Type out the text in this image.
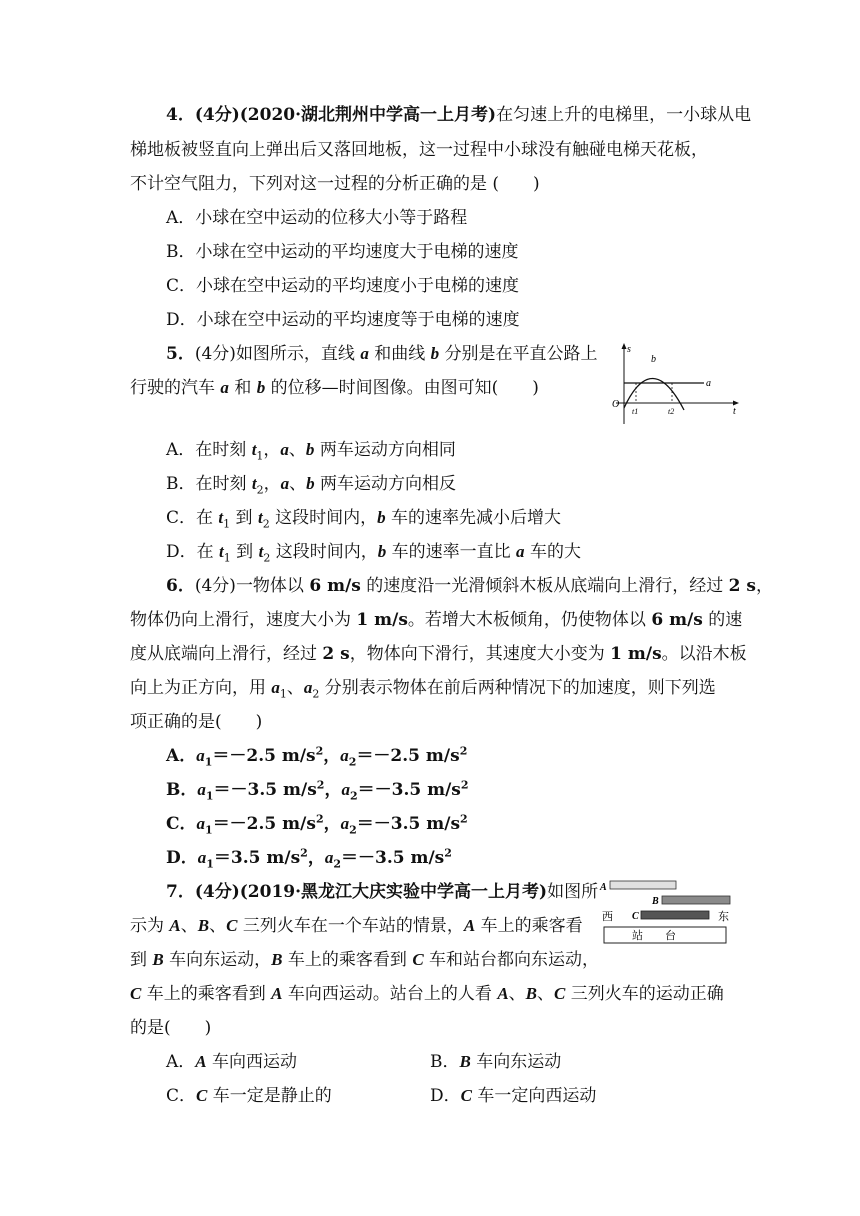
4．(4分)(2020·湖北荆州中学高一上月考)在匀速上升的电梯里，一小球从电
梯地板被竖直向上弹出后又落回地板，这一过程中小球没有触碰电梯天花板，
不计空气阻力，下列对这一过程的分析正确的是 (　　)
A．小球在空中运动的位移大小等于路程
B．小球在空中运动的平均速度大于电梯的速度
C．小球在空中运动的平均速度小于电梯的速度
D．小球在空中运动的平均速度等于电梯的速度
5．(4分)如图所示，直线 a 和曲线 b 分别是在平直公路上
行驶的汽车 a 和 b 的位移—时间图像。由图可知(　　)
s
t
O
a
b
t1	t2
A．在时刻 $t_1$，a、b 两车运动方向相同
B．在时刻 $t_2$，a、b 两车运动方向相反
C．在 $t_1$ 到 $t_2$ 这段时间内，b 车的速率先减小后增大
D．在 $t_1$ 到 $t_2$ 这段时间内，b 车的速率一直比 a 车的大
6．(4分)一物体以 6 m/s 的速度沿一光滑倾斜木板从底端向上滑行，经过 2 s，
物体仍向上滑行，速度大小为 1 m/s。若增大木板倾角，仍使物体以 6 m/s 的速
度从底端向上滑行，经过 2 s，物体向下滑行，其速度大小变为 1 m/s。以沿木板
向上为正方向，用 $a_1$、$a_2$ 分别表示物体在前后两种情况下的加速度，则下列选
项正确的是(　　)
A．$a_1=-2.5$ $m/s^2$，$a_2=-2.5$ $m/s^2$
B．$a_1=-3.5$ $m/s^2$，$a_2=-3.5$ $m/s^2$
C．$a_1=-2.5$ $m/s^2$，$a_2=-3.5$ $m/s^2$
D．$a_1=3.5$ $m/s^2$，$a_2=-3.5$ $m/s^2$
7．(4分)(2019·黑龙江大庆实验中学高一上月考)如图所
示为 A、B、C 三列火车在一个车站的情景，A 车上的乘客看
到 B 车向东运动，B 车上的乘客看到 C 车和站台都向东运动，
C 车上的乘客看到 A 车向西运动。站台上的人看 A、B、C 三列火车的运动正确
的是(　　)
A．A 车向西运动	B．B 车向东运动
C．C 车一定是静止的	D．C 车一定向西运动
A
B
西 C	东
站　　台
